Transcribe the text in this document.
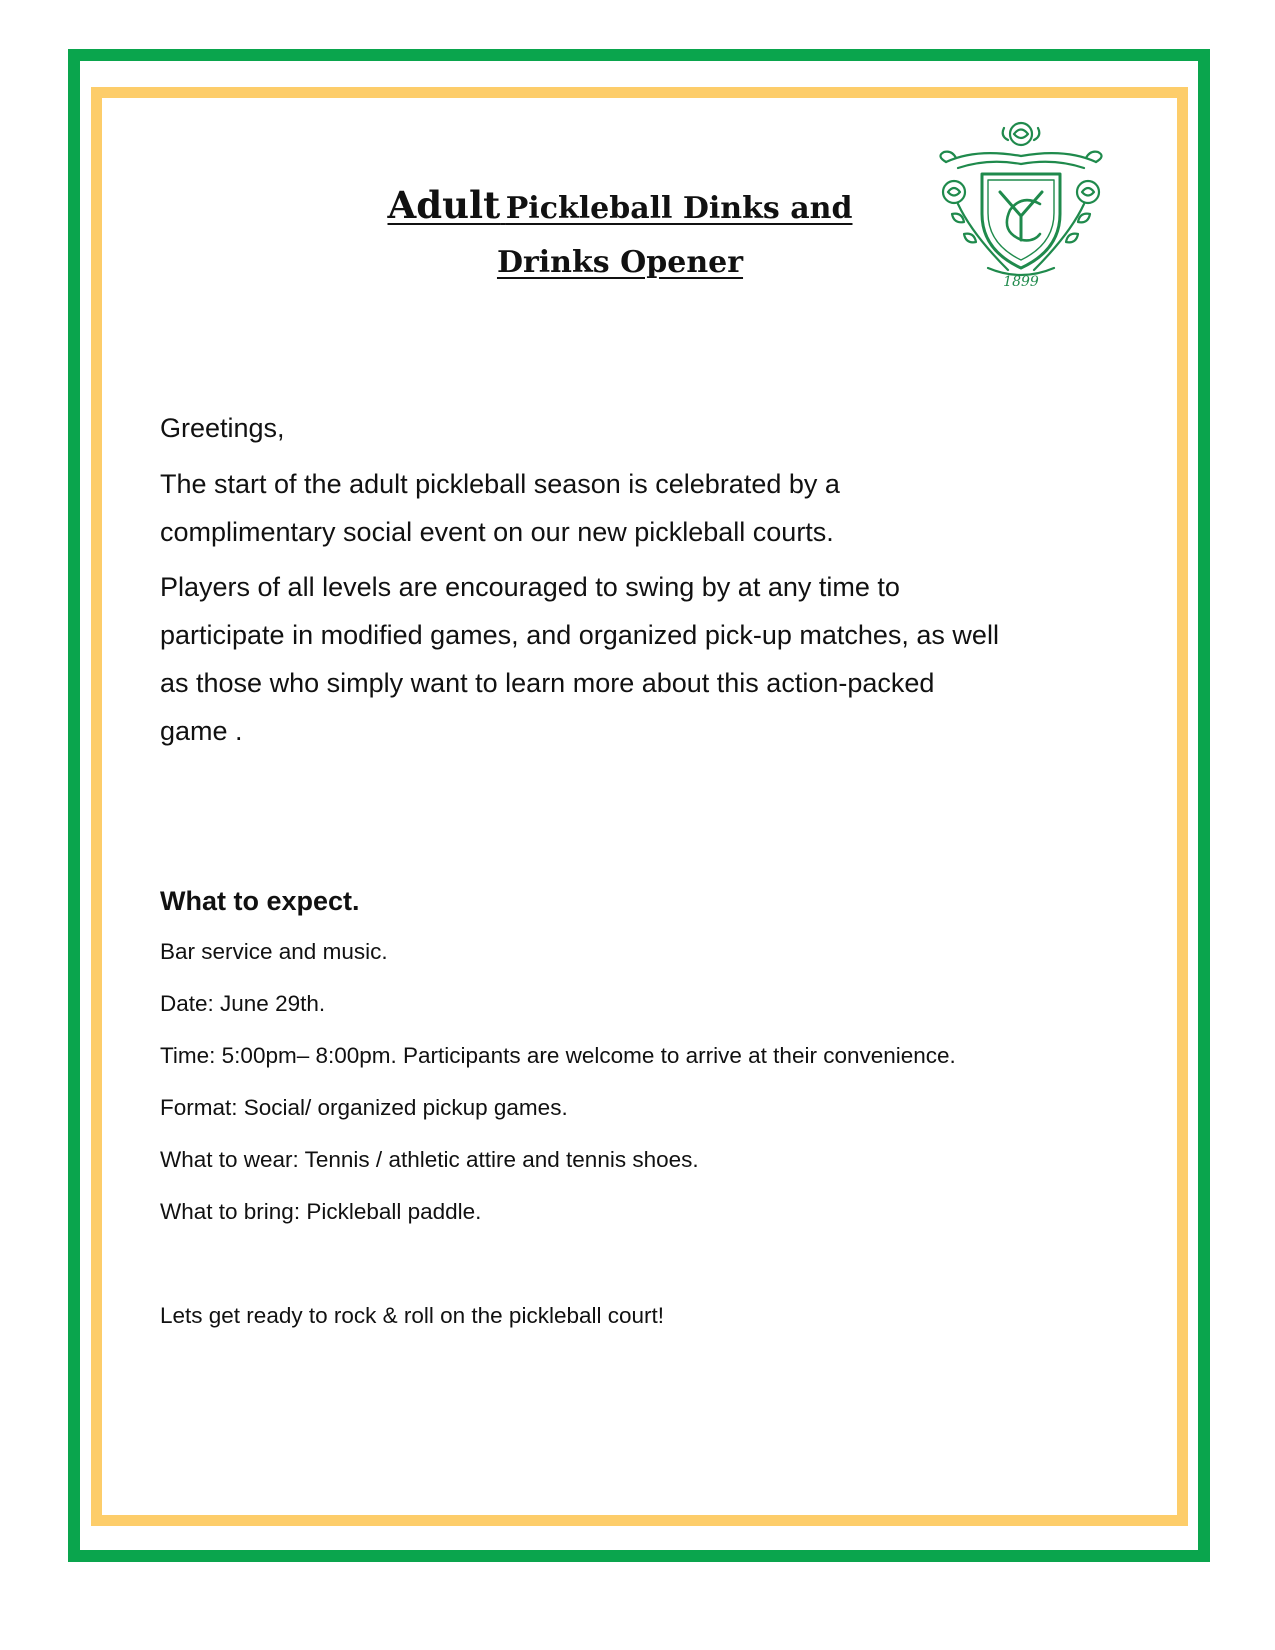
Adult Pickleball Dinks and
Drinks Opener
1899

Greetings,

The start of the adult pickleball season is celebrated by a

complimentary social event on our new pickleball courts.

Players of all levels are encouraged to swing by at any time to

participate in modified games, and organized pick-up matches, as well

as those who simply want to learn more about this action-packed

game .

What to expect.

Bar service and music.

Date: June 29th.

Time: 5:00pm– 8:00pm. Participants are welcome to arrive at their convenience.

Format: Social/ organized pickup games.

What to wear: Tennis / athletic attire and tennis shoes.

What to bring: Pickleball paddle.

Lets get ready to rock & roll on the pickleball court!
